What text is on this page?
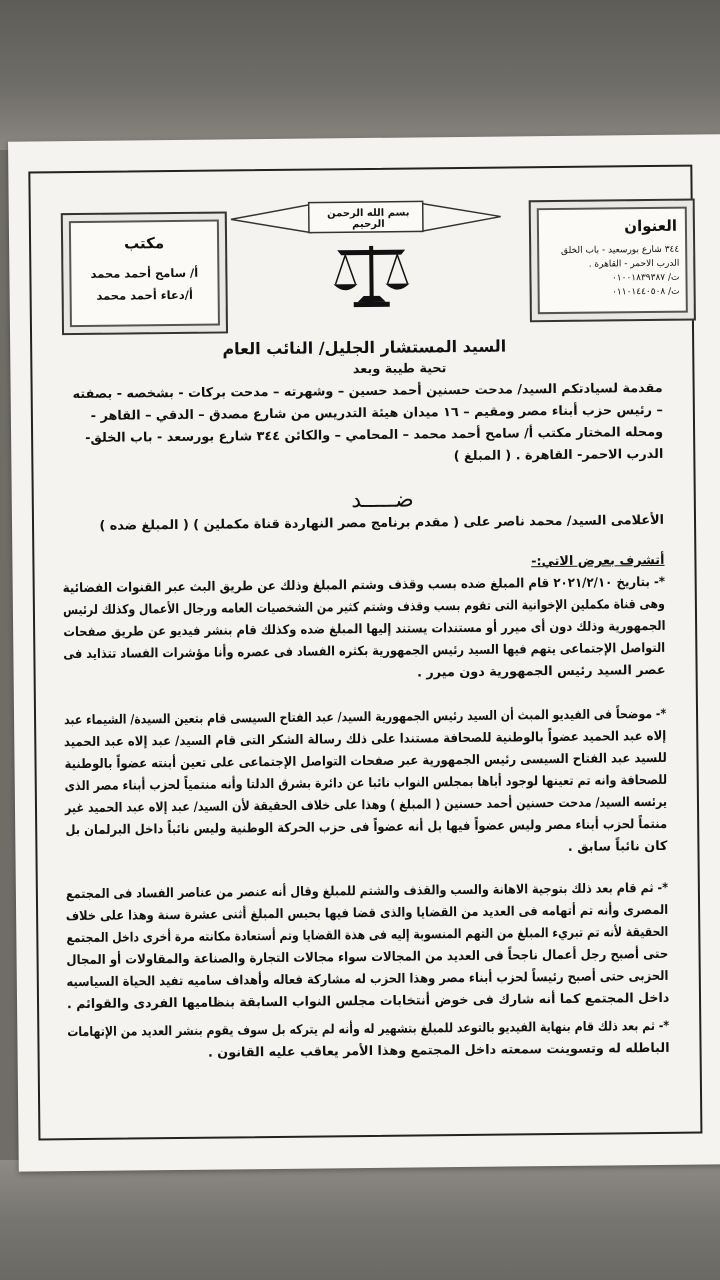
مكتب
أ/ سامح أحمد محمد
أ/دعاء أحمد محمد
بسم الله الرحمن الرحيم	العنوان
٣٤٤ شارع بورسعيد - باب الخلق
الدرب الاحمر - القاهرة .
ت/ ٠١٠٠١٨٣٩٣٨٧
ت/ ٠١١٠١٤٤٠٥٠٨
السيد المستشار الجليل/ النائب العام
تحية طيبة وبعد
مقدمة لسيادتكم السيد/ مدحت حسنين أحمد حسين – وشهرته – مدحت بركات - بشخصه - بصفته
– رئيس حزب أبناء مصر ومقيم – ١٦ ميدان هيئة التدريس من شارع مصدق – الدقي – القاهر -
ومحله المختار مكتب أ/ سامح أحمد محمد – المحامي – والكائن ٣٤٤ شارع بورسعد - باب الخلق-
الدرب الاحمر- القاهرة . ( المبلغ )
ضـــــد
الأعلامى السيد/ محمد ناصر على ( مقدم برنامج مصر النهاردة قناة مكملين ) ( المبلغ ضده )
أتشرف بعرض الاتي:-
*- بتاريخ ٢٠٢١/٢/١٠ قام المبلغ ضده بسب وقذف وشتم المبلغ وذلك عن طريق البث عبر القنوات الفضائية
وهى قناة مكملين الإخوانية التى تقوم بسب وقذف وشتم كثير من الشخصيات العامه ورجال الأعمال وكذلك لرئيس
الجمهورية وذلك دون أى ميرر أو مستندات يستند إليها المبلغ ضده وكذلك قام بنشر فيديو عن طريق صفحات
التواصل الإجتماعى يتهم فيها السيد رئيس الجمهورية بكثره الفساد فى عصره وأنا مؤشرات الفساد تتذايد فى
عصر السيد رئيس الجمهورية دون ميرر .
*- موضحاً فى الفيديو المبث أن السيد رئيس الجمهورية السيد/ عبد الفتاح السيسى قام بتعين السيدة/ الشيماء عبد
إلاه عبد الحميد عضواً بالوطنية للصحافة مستندا على ذلك رسالة الشكر التى قام السيد/ عبد إلاه عبد الحميد
للسيد عبد الفتاح السيسى رئيس الجمهورية عبر صفحات التواصل الإجتماعى على تعين أبنته عضواً بالوطنية
للصحافة وانه تم تعينها لوجود أباها بمجلس النواب نائبا عن دائرة بشرق الدلتا وأنه منتمياً لحزب أبناء مصر الذى
يرئسه السيد/ مدحت حسنين أحمد حسنين ( المبلغ ) وهذا على خلاف الحقيقة لأن السيد/ عبد إلاه عبد الحميد غير
منتماً لحزب أبناء مصر وليس عضواً فيها بل أنه عضواً فى حزب الحركة الوطنية وليس نائباً داخل البرلمان بل
كان نائباً سابق .
*- ثم قام بعد ذلك بتوجية الاهانة والسب والقذف والشتم للمبلغ وقال أنه عنصر من عناصر الفساد فى المجتمع
المصرى وأنه تم أتهامه فى العديد من القضايا والذى قضا فيها بحبس المبلغ أثنى عشرة سنة وهذا على خلاف
الحقيقة لأنه تم تبريء المبلغ من التهم المنسوبة إليه فى هذة القضايا وتم أستعادة مكانته مرة أخرى داخل المجتمع
حتى أصبح رجل أعمال ناجحاً فى العديد من المجالات سواء مجالات التجارة والصناعة والمقاولات أو المجال
الحزبى حتى أصبح رئيساً لحزب أبناء مصر وهذا الحزب له مشاركة فعاله وأهداف ساميه تفيد الحياة السياسيه
داخل المجتمع كما أنه شارك فى خوض أنتخابات مجلس النواب السابقة بنظاميها الفردى والقوائم .
*- ثم بعد ذلك قام بنهاية الفيديو بالتوعد للمبلغ بتشهير له وأنه لم يتركه بل سوف يقوم بنشر العديد من الإتهامات
الباطله له وتسوينت سمعته داخل المجتمع وهذا الأمر يعاقب عليه القانون .
